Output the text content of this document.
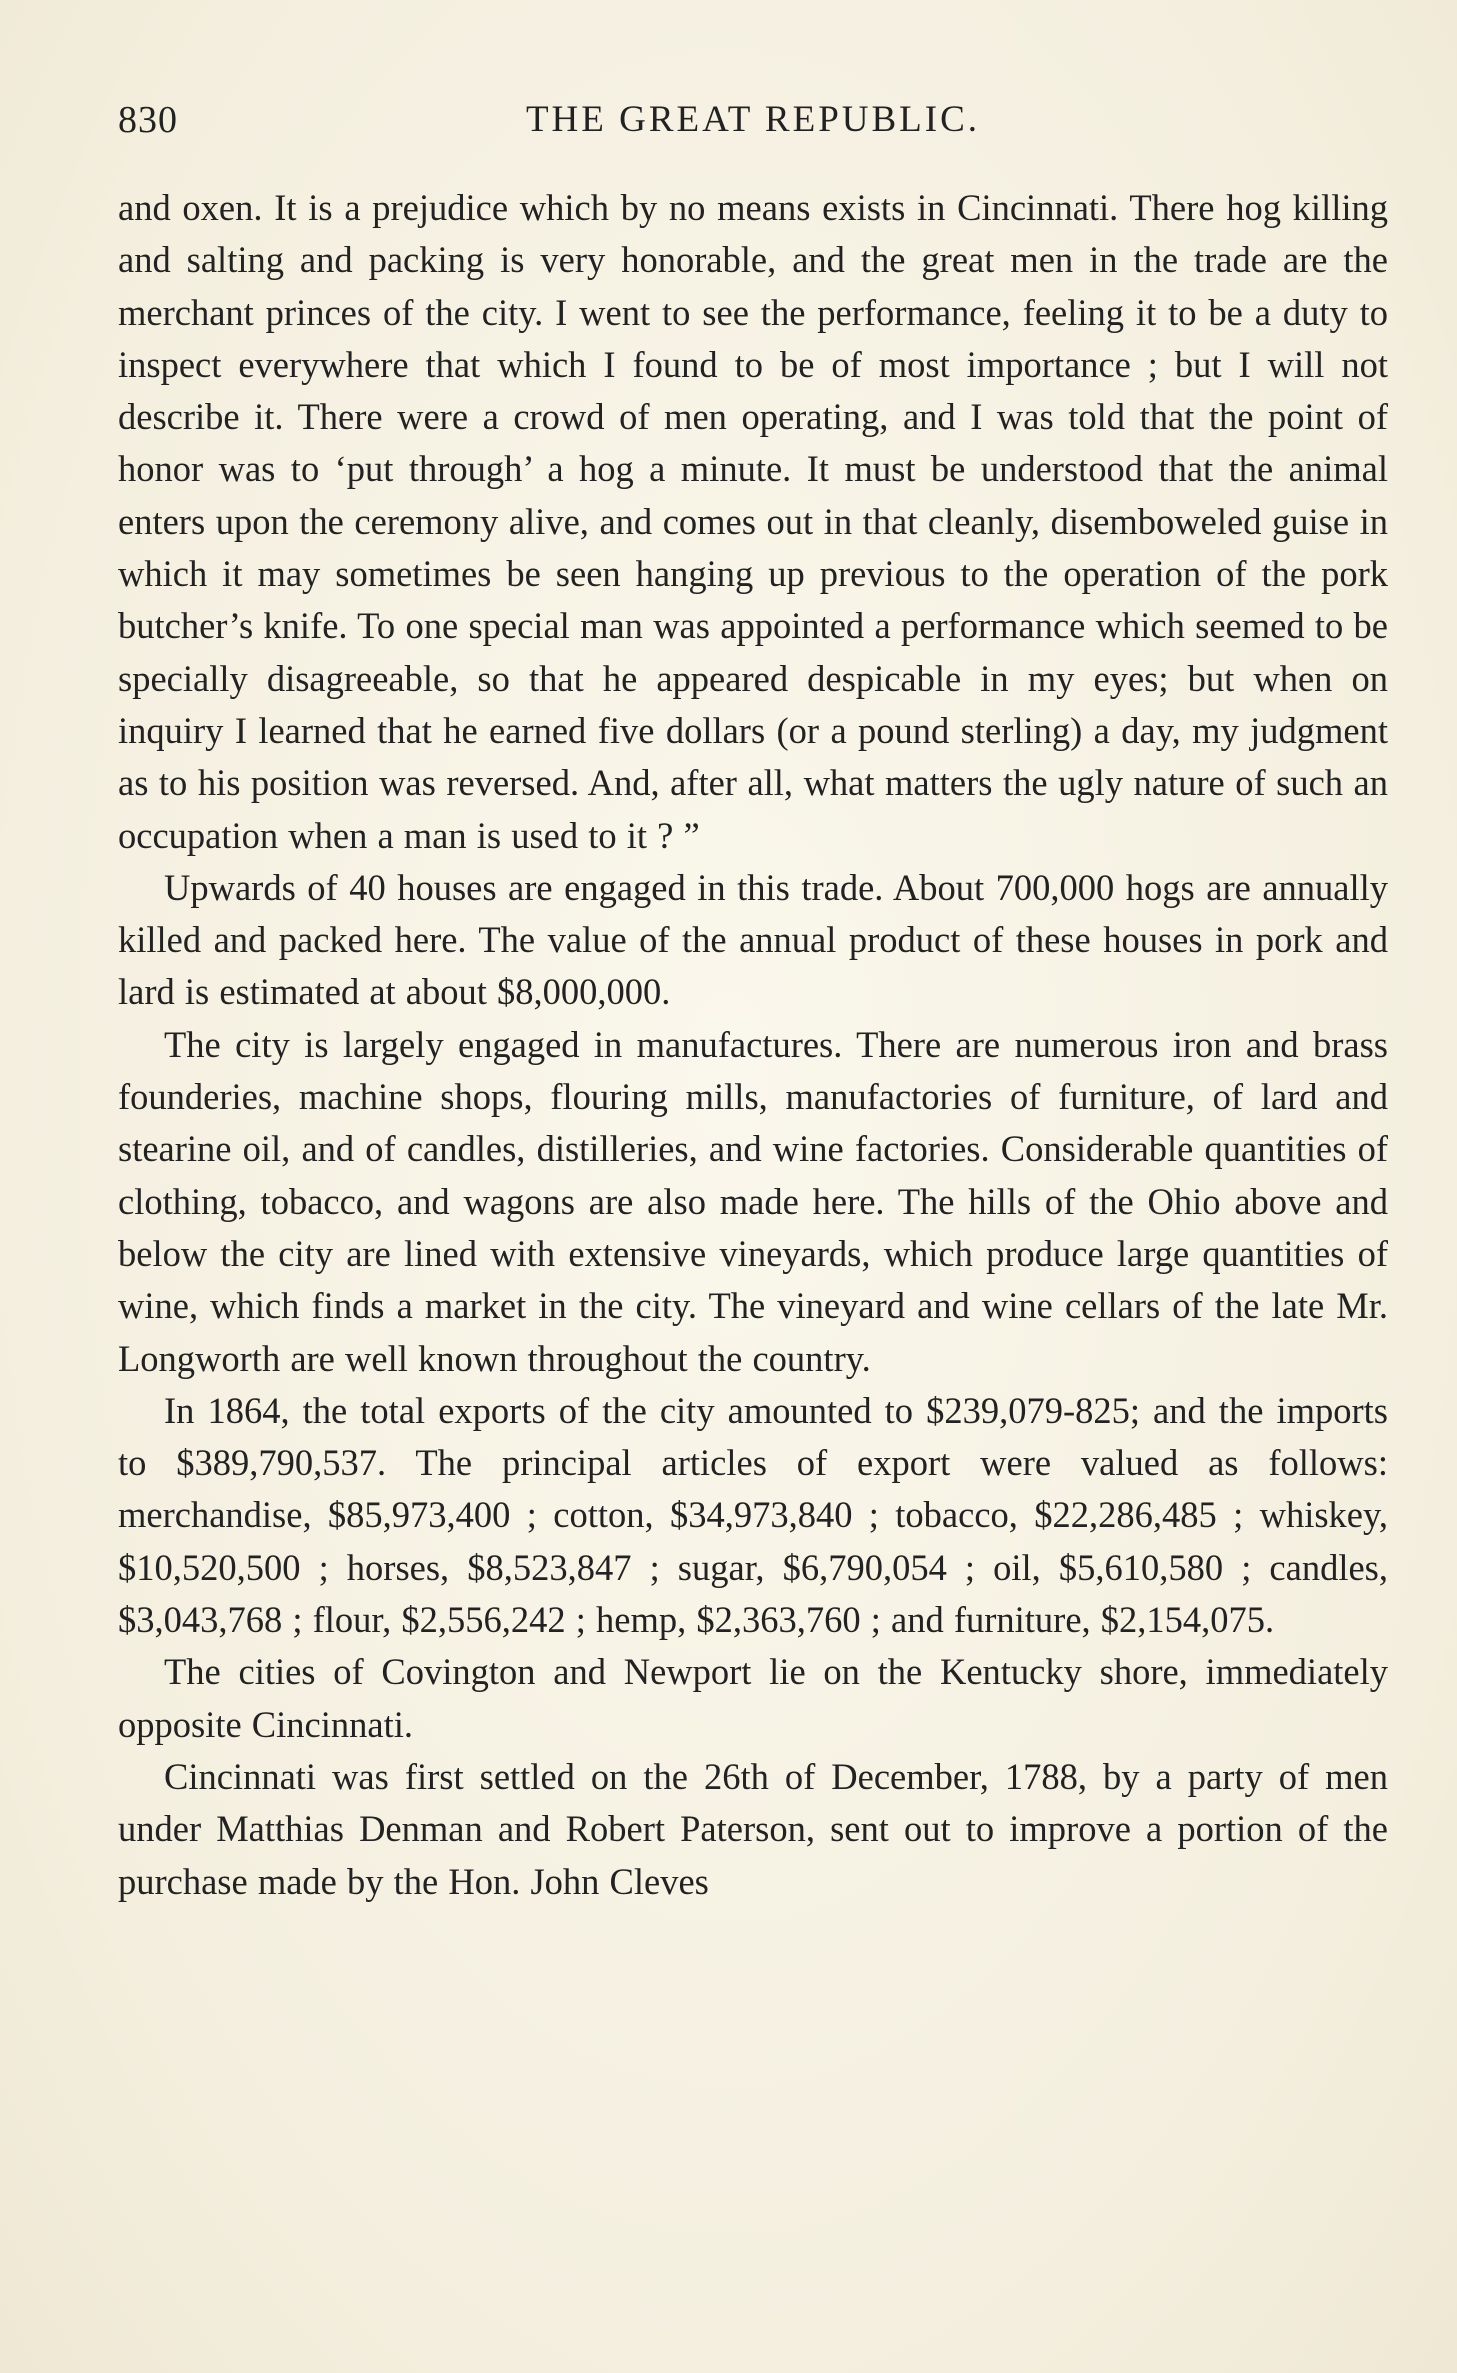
830	THE GREAT REPUBLIC.

and oxen. It is a prejudice which by no means exists in Cincinnati. There hog killing and salting and packing is very honorable, and the great men in the trade are the merchant princes of the city. I went to see the performance, feeling it to be a duty to inspect everywhere that which I found to be of most importance ; but I will not describe it. There were a crowd of men operating, and I was told that the point of honor was to ‘put through’ a hog a minute. It must be understood that the animal enters upon the ceremony alive, and comes out in that cleanly, disemboweled guise in which it may sometimes be seen hanging up previous to the operation of the pork butcher’s knife. To one special man was appointed a performance which seemed to be specially disagreeable, so that he appeared despicable in my eyes; but when on inquiry I learned that he earned five dollars (or a pound sterling) a day, my judgment as to his position was reversed. And, after all, what matters the ugly nature of such an occupation when a man is used to it ? ”

Upwards of 40 houses are engaged in this trade. About 700,000 hogs are annually killed and packed here. The value of the annual product of these houses in pork and lard is estimated at about $8,000,000.

The city is largely engaged in manufactures. There are numerous iron and brass founderies, machine shops, flouring mills, manufactories of furniture, of lard and stearine oil, and of candles, distilleries, and wine factories. Considerable quantities of clothing, tobacco, and wagons are also made here. The hills of the Ohio above and below the city are lined with extensive vineyards, which produce large quantities of wine, which finds a market in the city. The vineyard and wine cellars of the late Mr. Longworth are well known throughout the country.

In 1864, the total exports of the city amounted to $239,079-825; and the imports to $389,790,537. The principal articles of export were valued as follows: merchandise, $85,973,400 ; cotton, $34,973,840 ; tobacco, $22,286,485 ; whiskey, $10,520,500 ; horses, $8,523,847 ; sugar, $6,790,054 ; oil, $5,610,580 ; candles, $3,043,768 ; flour, $2,556,242 ; hemp, $2,363,760 ; and furniture, $2,154,075.

The cities of Covington and Newport lie on the Kentucky shore, immediately opposite Cincinnati.

Cincinnati was first settled on the 26th of December, 1788, by a party of men under Matthias Denman and Robert Paterson, sent out to improve a portion of the purchase made by the Hon. John Cleves
